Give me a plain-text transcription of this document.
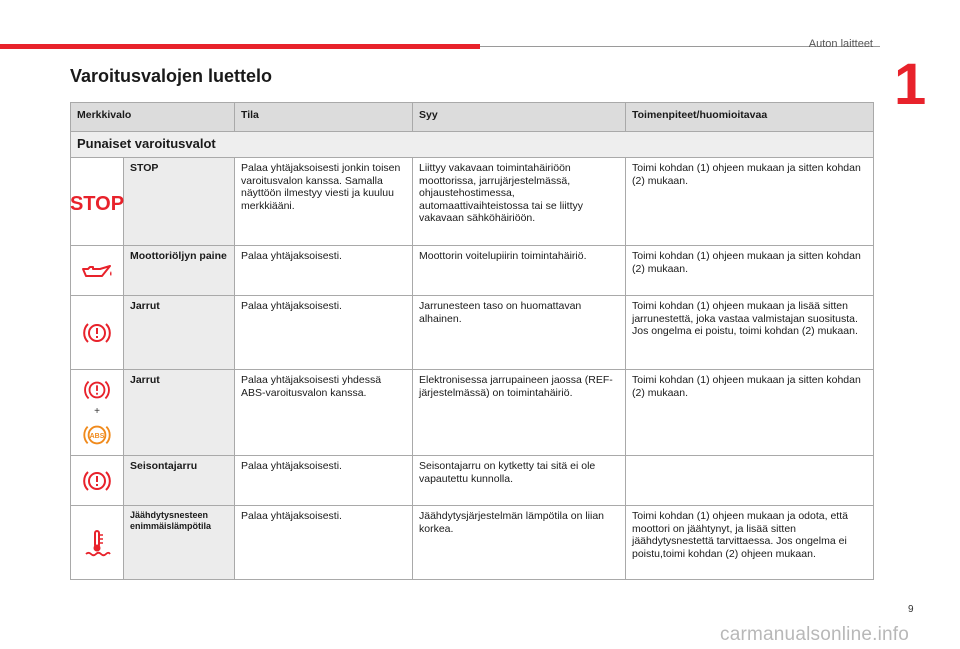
Auton laitteet
1
Varoitusvalojen luettelo
Merkkivalo		Tila	Syy	Toimenpiteet/huomioitavaa
Punaiset varoitusvalot				

STOP	STOP	Palaa yhtäjaksoisesti jonkin toisen varoitusvalon kanssa. Samalla näyttöön ilmestyy viesti ja kuuluu merkkiääni.	Liittyy vakavaan toimintahäiriöön moottorissa, jarrujärjestelmässä, ohjaustehostimessa, automaattivaihteistossa tai se liittyy vakavaan sähköhäiriöön.	Toimi kohdan (1) ohjeen mukaan ja sitten kohdan (2) mukaan.

	Moottoriöljyn paine	Palaa yhtäjaksoisesti.	Moottorin voitelupiirin toimintahäiriö.	Toimi kohdan (1) ohjeen mukaan ja sitten kohdan (2) mukaan.

	Jarrut	Palaa yhtäjaksoisesti.	Jarrunesteen taso on huomattavan alhainen.	Toimi kohdan (1) ohjeen mukaan ja lisää sitten jarrunestettä, joka vastaa valmistajan suositusta. Jos ongelma ei poistu, toimi kohdan (2) mukaan.

+
ABS	Jarrut	Palaa yhtäjaksoisesti yhdessä ABS-varoitusvalon kanssa.	Elektronisessa jarrupaineen jaossa (REF-järjestelmässä) on toimintahäiriö.	Toimi kohdan (1) ohjeen mukaan ja sitten kohdan (2) mukaan.

	Seisontajarru	Palaa yhtäjaksoisesti.	Seisontajarru on kytketty tai sitä ei ole vapautettu kunnolla.	

	Jäähdytysnesteen enimmäislämpötila	Palaa yhtäjaksoisesti.	Jäähdytysjärjestelmän lämpötila on liian korkea.	Toimi kohdan (1) ohjeen mukaan ja odota, että moottori on jäähtynyt, ja lisää sitten jäähdytysnestettä tarvittaessa. Jos ongelma ei poistu,toimi kohdan (2) ohjeen mukaan.
9
carmanualsonline.info
